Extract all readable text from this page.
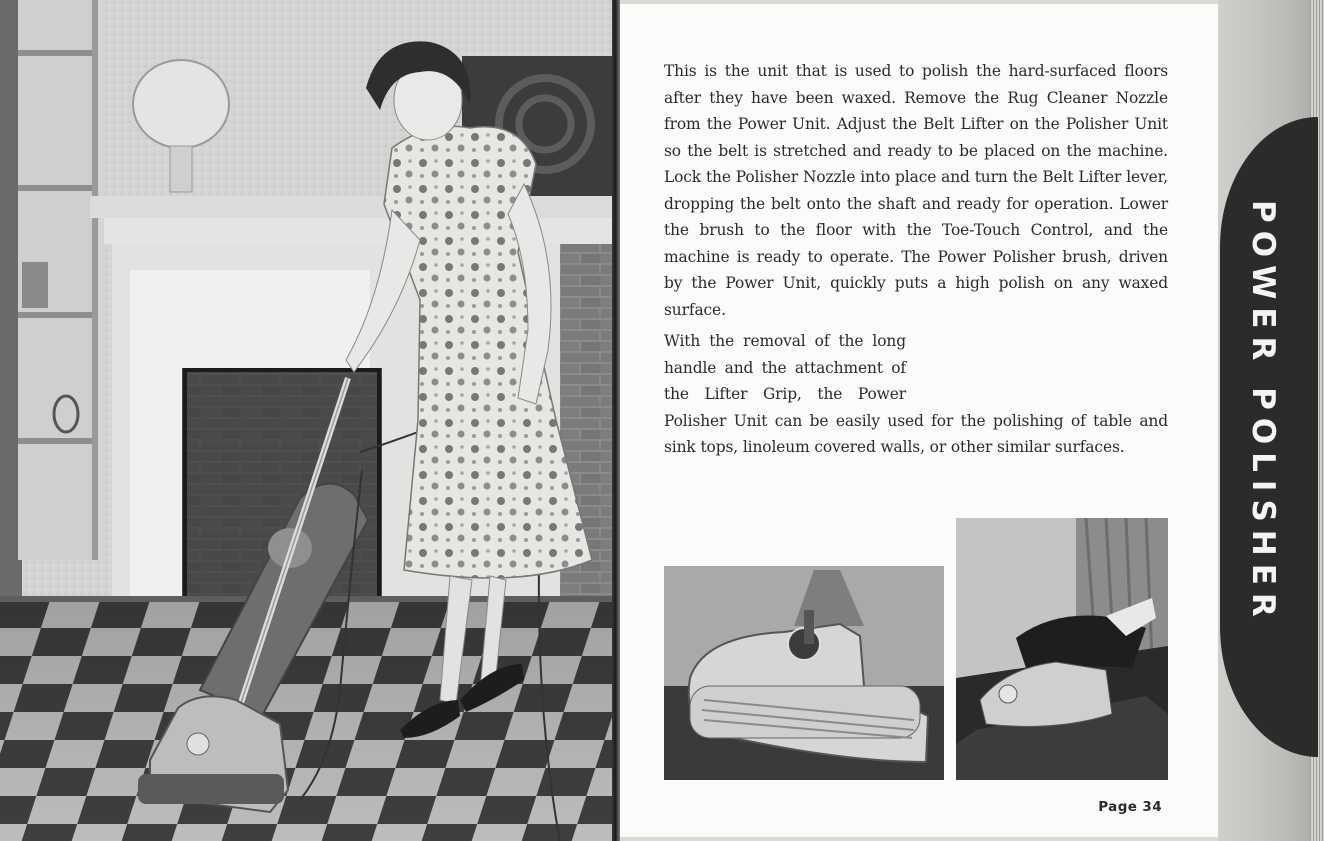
This is the unit that is used to polish the hard-surfaced floors after they have been waxed. Remove the Rug Cleaner Nozzle from the Power Unit. Adjust the Belt Lifter on the Polisher Unit so the belt is stretched and ready to be placed on the machine. Lock the Polisher Nozzle into place and turn the Belt Lifter lever, dropping the belt onto the shaft and ready for operation. Lower the brush to the floor with the Toe-Touch Control, and the machine is ready to operate. The Power Polisher brush, driven by the Power Unit, quickly puts a high polish on any waxed surface.

With the removal of the long handle and the attachment of the Lifter Grip, the Power Polisher Unit can be easily used for the polishing of table and sink tops, linoleum covered walls, or other similar surfaces.

Page 34
POWER POLISHER
